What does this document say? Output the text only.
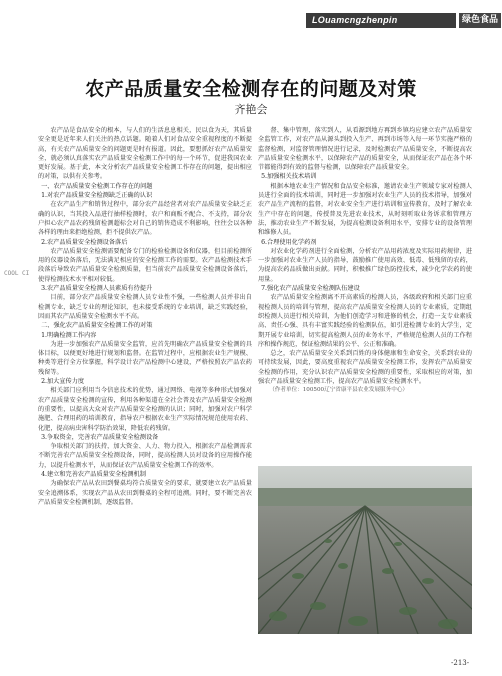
LOuamcngzhenpin	绿色食品
农产品质量安全检测存在的问题及对策
齐艳会

农产品是食品安全的根本，与人们的生活息息相关，民以食为天，其质量安全更是近年来人们关注的热点话题。随着人们对食品安全重视程度的不断提高，有关农产品质量安全的问题更是时有报道。因此，要想抓好农产品质量安全，就必须认真落实农产品质量安全检测工作中的每一个环节，促进我国农业更好发展。基于此，本文分析农产品质量安全检测工作存在的问题，提出相应的对策，以供有关参考。

一、农产品质量安全检测工作存在的问题

1.对农产品质量安全检测缺乏正确的认识

在农产品生产和销售过程中，部分农产品经营者对农产品质量安全缺乏正确的认识，当其投入品进行抽样检测时，农户和商贩不配合、不支持，部分农户担心农产品农药残留检测超标会对自己的销售造成不利影响，往往会以各种各样的理由来拒绝检测，拒不提供农产品。

2.农产品质量安全检测设备落后

农产品质量安全检测需要配备专门的检验检测设备和仪器，但目前检测所用的仪器设备落后，无法满足相应的安全检测工作的需要。农产品检测技术手段落后导致农产品质量安全检测质量，但当前农产品质量安全检测设备落后，使得检测技术水平相对较低。

3.农产品质量安全检测人员素质有待提升

目前，部分农产品质量安全检测人员专业性不强，一些检测人员并非出自检测专业，缺乏专业的理论知识，也未接受系统的专业培训，缺乏实践经验，因而其农产品质量安全检测水平不高。

二、强化农产品质量安全检测工作的对策

1.明确检测工作内容

为进一步加强农产品质量安全监管，应首先明确农产品质量安全检测的具体目标，以便更好地进行规划和监督。在监管过程中，应根据农业生产规模、种类等进行全方位掌握，科学设计农产品检测中心建设，严格按照农产品农药残留等。

2.加大宣传力度

相关部门应利用当今信息技术的优势，通过网络、电视等多种形式加强对农产品质量安全检测的宣传，利用各种渠道在全社会普及农产品质量安全检测的重要性，以提高大众对农产品质量安全检测的认识；同时，加强对农户科学施肥、合理用药的培训教育，指导农户根据农业生产实际情况规范使用农药、化肥，提高病虫害科学防治效果，降低农药残留。

3.争取资金，完善农产品质量安全检测设备

争取相关部门的扶持，加大资金、人力、物力投入，根据农产品检测需求不断完善农产品质量安全检测设备，同时，提高检测人员对设备的应用操作能力，以提升检测水平，从而保证农产品质量安全检测工作的效率。

4.建立和完善农产品质量安全检测机制

为确保农产品从农田到餐桌均符合质量安全的要求，就要建立农产品质量安全追溯体系，实现农产品从农田到餐桌的全程可追溯。同时，要不断完善农产品质量安全检测机制，逐级监督。

督、集中管理，落实到人，从看源到地方再到乡镇均应建立农产品质量安全监管工作，对农产品从源头到投入生产、再到市场等入每一环节实施严格的监督检测，对监督管理情况进行记录，及时检测农产品质量安全，不断提高农产品质量安全检测水平，以保障农产品的质量安全，从而保证农产品在各个环节都能得到有效的监督与检测，以保障农产品质量安全。

5.加强相关技术培训

根据本地农业生产情况和食品安全标准，邀请农业生产领域专家对检测人员进行全面的技术培训，同时进一步加强对农业生产人员的技术指导，加强对农产品生产流程的监督，对农业安全生产进行培训和宣传教育，及时了解农业生产中存在的问题，传授普及先进农业技术，从时刻听取业务诉求和管理方法，推动农业生产不断发展，为提高检测设备利用水平，安排专业的设备管理和维修人员。

6.合理使用化学药剂

对农业化学药剂进行全面检测，分析农产品用药浓度及实际用药规律，进一步加强对农业生产人员的指导，鼓励推广使用高效、低毒、低残留的农药，为提高农药品质做出贡献。同时，积极推广绿色防控技术，减少化学农药的使用量。

7.强化农产品质量安全检测队伍建设

农产品质量安全检测离不开高素质的检测人员，各级政府和相关部门应重视检测人员的培训与管理，提高农产品质量安全检测人员的专业素质，定期组织检测人员进行相关培训，为他们创造学习和进修的机会，打造一支专业素质高、责任心强、具有丰富实践经验的检测队伍，如引进检测专业的大学生，定期开展专业培训，切实提高检测人员的业务水平，严格规范检测人员的工作程序和操作规范，保证检测结果的公平、公正和准确。

总之，农产品质量安全关系到百姓的身体健康和生命安全，关系到农业的可持续发展，因此，要高度重视农产品质量安全检测工作，发挥农产品质量安全检测的作用，充分认识农产品质量安全检测的重要性，采取相应的对策，加强农产品质量安全检测工作，提高农产品质量安全检测水平。

（作者单位：100500辽宁省康平县农业发展服务中心）

COOL CI
-213-
